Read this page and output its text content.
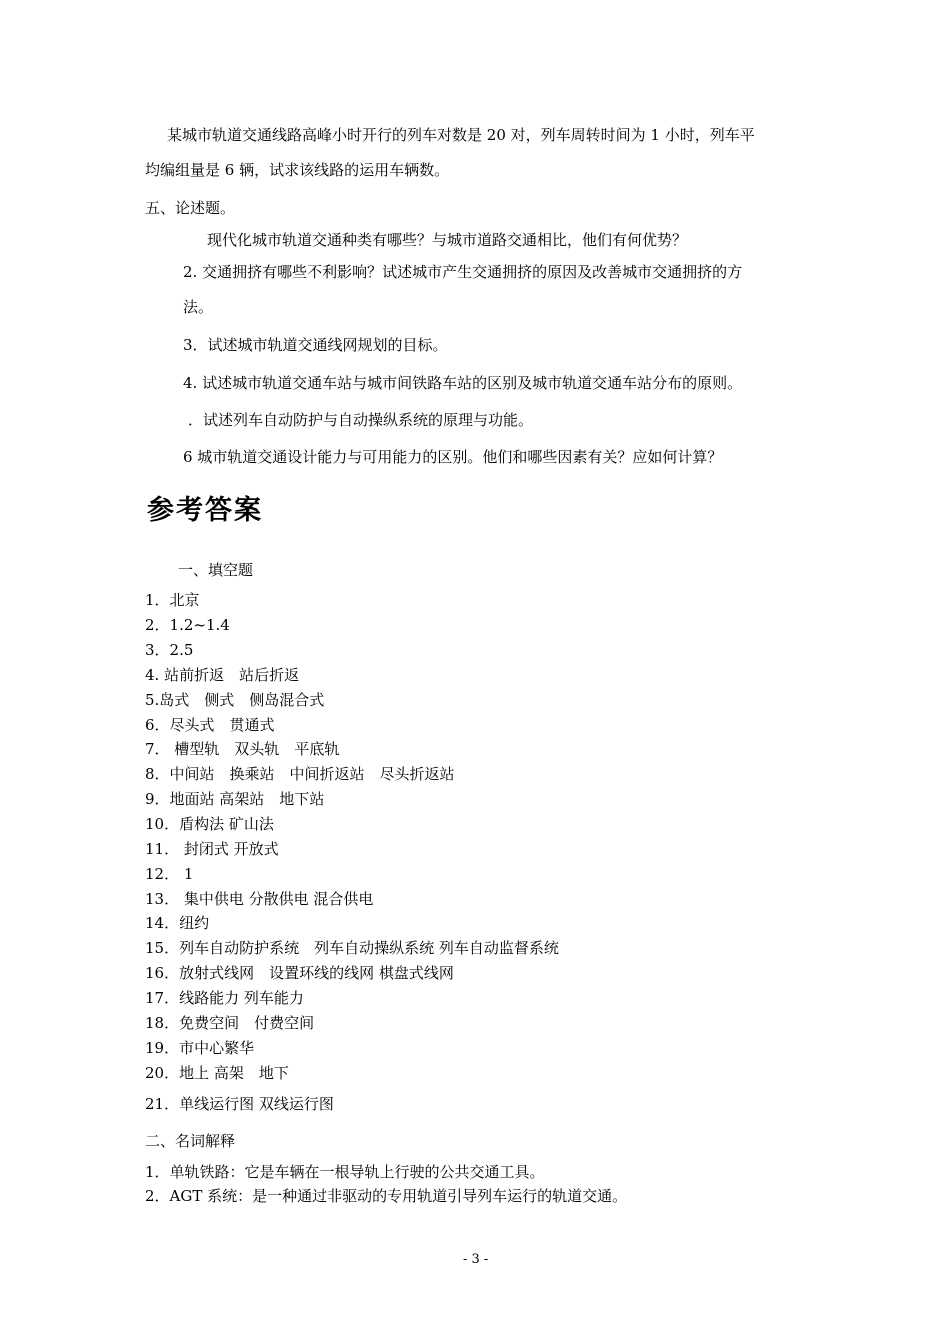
某城市轨道交通线路高峰小时开行的列车对数是 20 对，列车周转时间为 1 小时，列车平
均编组量是 6 辆，试求该线路的运用车辆数。
五、论述题。
现代化城市轨道交通种类有哪些？与城市道路交通相比，他们有何优势？
2. 交通拥挤有哪些不利影响？试述城市产生交通拥挤的原因及改善城市交通拥挤的方
法。
3．试述城市轨道交通线网规划的目标。
4. 试述城市轨道交通车站与城市间铁路车站的区别及城市轨道交通车站分布的原则。
．试述列车自动防护与自动操纵系统的原理与功能。
6 城市轨道交通设计能力与可用能力的区别。他们和哪些因素有关？应如何计算？
参考答案
一、填空题
1．北京
2．1.2~1.4
3．2.5
4. 站前折返　站后折返
5.岛式　侧式　侧岛混合式
6．尽头式　贯通式
7． 槽型轨　双头轨　平底轨
8．中间站　换乘站　中间折返站　尽头折返站
9．地面站 高架站　地下站
10．盾构法 矿山法
11． 封闭式 开放式
12． 1
13． 集中供电 分散供电 混合供电
14．纽约
15．列车自动防护系统　列车自动操纵系统 列车自动监督系统
16．放射式线网　设置环线的线网 棋盘式线网
17．线路能力 列车能力
18．免费空间　付费空间
19．市中心繁华
20．地上 高架　地下
21．单线运行图 双线运行图
二、名词解释
1．单轨铁路：它是车辆在一根导轨上行驶的公共交通工具。
2．AGT 系统：是一种通过非驱动的专用轨道引导列车运行的轨道交通。
- 3 -
